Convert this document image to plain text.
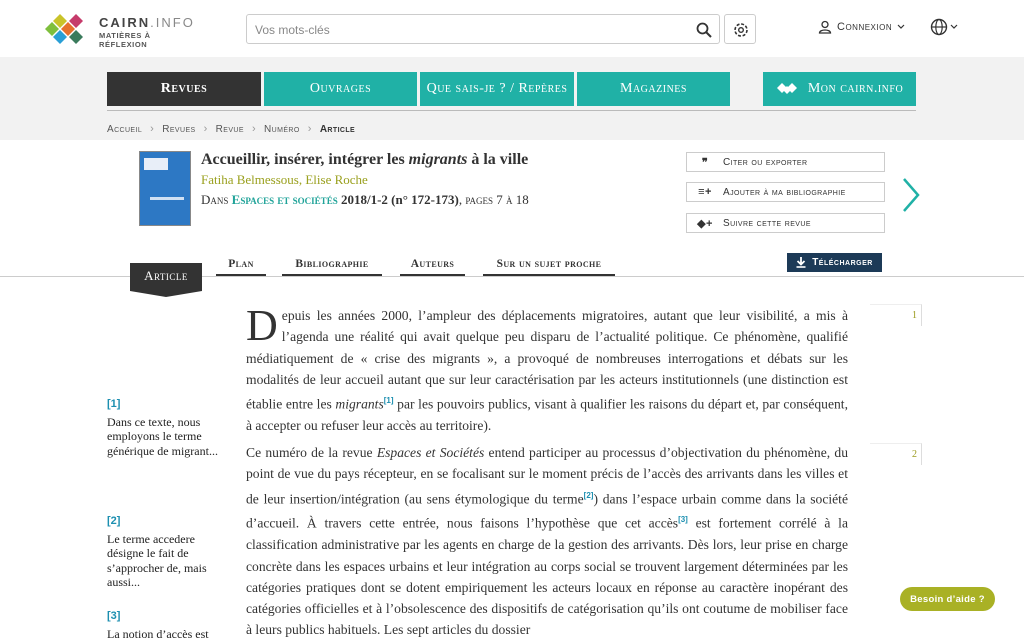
CAIRN.INFO
MATIÈRES À RÉFLEXION
Vos mots-clés
Connexion
Revues	Ouvrages	Que sais-je ? / Repères	Magazines	Mon cairn.info
Accueil › Revues › Revue › Numéro › Article
Accueillir, insérer, intégrer les migrants à la ville
Fatiha Belmessous, Elise Roche
Dans Espaces et sociétés 2018/1-2 (n° 172-173), pages 7 à 18
❞	Citer ou exporter
≡+	Ajouter à ma bibliographie
◆+	Suivre cette revue
Article
Plan	Bibliographie	Auteurs	Sur un sujet proche	Télécharger
[1]
Dans ce texte, nous employons le terme générique de migrant...
[2]
Le terme accedere désigne le fait de s’approcher de, mais aussi...
[3]
La notion d’accès est
Depuis les années 2000, l’ampleur des déplacements migratoires, autant que leur visibilité, a mis à l’agenda une réalité qui avait quelque peu disparu de l’actualité politique. Ce phénomène, qualifié médiatiquement de « crise des migrants », a provoqué de nombreuses interrogations et débats sur les modalités de leur accueil autant que sur leur caractérisation par les acteurs institutionnels (une distinction est établie entre les migrants[1] par les pouvoirs publics, visant à qualifier les raisons du départ et, par conséquent, à accepter ou refuser leur accès au territoire).
Ce numéro de la revue Espaces et Sociétés entend participer au processus d’objectivation du phénomène, du point de vue du pays récepteur, en se focalisant sur le moment précis de l’accès des arrivants dans les villes et de leur insertion/intégration (au sens étymologique du terme[2]) dans l’espace urbain comme dans la société d’accueil. À travers cette entrée, nous faisons l’hypothèse que cet accès[3] est fortement corrélé à la classification administrative par les agents en charge de la gestion des arrivants. Dès lors, leur prise en charge concrète dans les espaces urbains et leur intégration au corps social se trouvent largement déterminées par les catégories pratiques dont se dotent empiriquement les acteurs locaux en réponse au caractère inopérant des catégories officielles et à l’obsolescence des dispositifs de catégorisation qu’ils ont coutume de mobiliser face à leurs publics habituels. Les sept articles du dossier
1
2
Besoin d’aide ?
